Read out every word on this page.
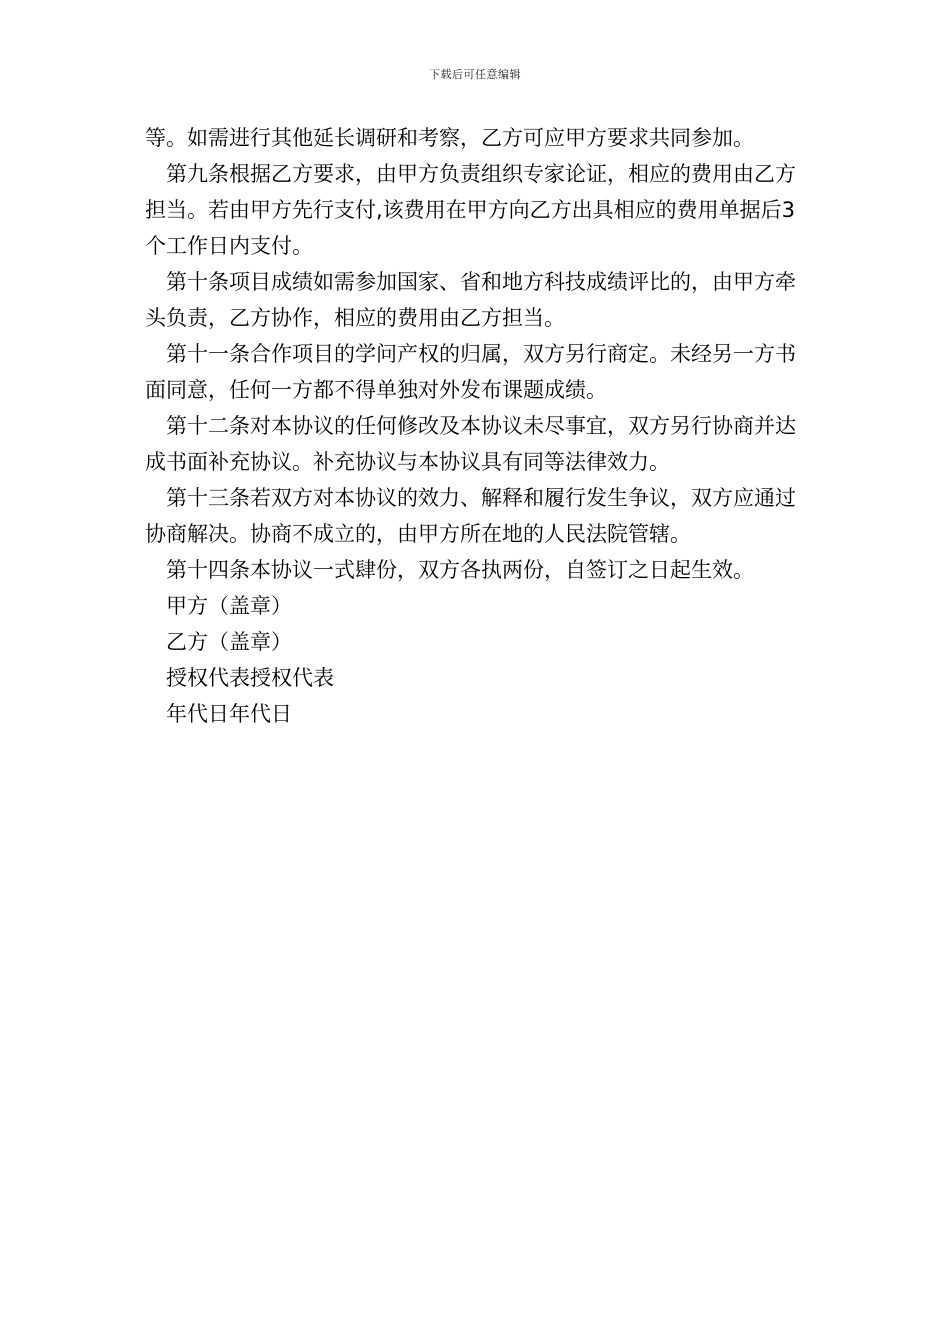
下载后可任意编辑

等。如需进行其他延长调研和考察，乙方可应甲方要求共同参加。

第九条根据乙方要求，由甲方负责组织专家论证，相应的费用由乙方担当。若由甲方先行支付,该费用在甲方向乙方出具相应的费用单据后3个工作日内支付。

第十条项目成绩如需参加国家、省和地方科技成绩评比的，由甲方牵头负责，乙方协作，相应的费用由乙方担当。

第十一条合作项目的学问产权的归属，双方另行商定。未经另一方书面同意，任何一方都不得单独对外发布课题成绩。

第十二条对本协议的任何修改及本协议未尽事宜，双方另行协商并达成书面补充协议。补充协议与本协议具有同等法律效力。

第十三条若双方对本协议的效力、解释和履行发生争议，双方应通过协商解决。协商不成立的，由甲方所在地的人民法院管辖。

第十四条本协议一式肆份，双方各执两份，自签订之日起生效。

甲方（盖章）

乙方（盖章）

授权代表授权代表

年代日年代日
